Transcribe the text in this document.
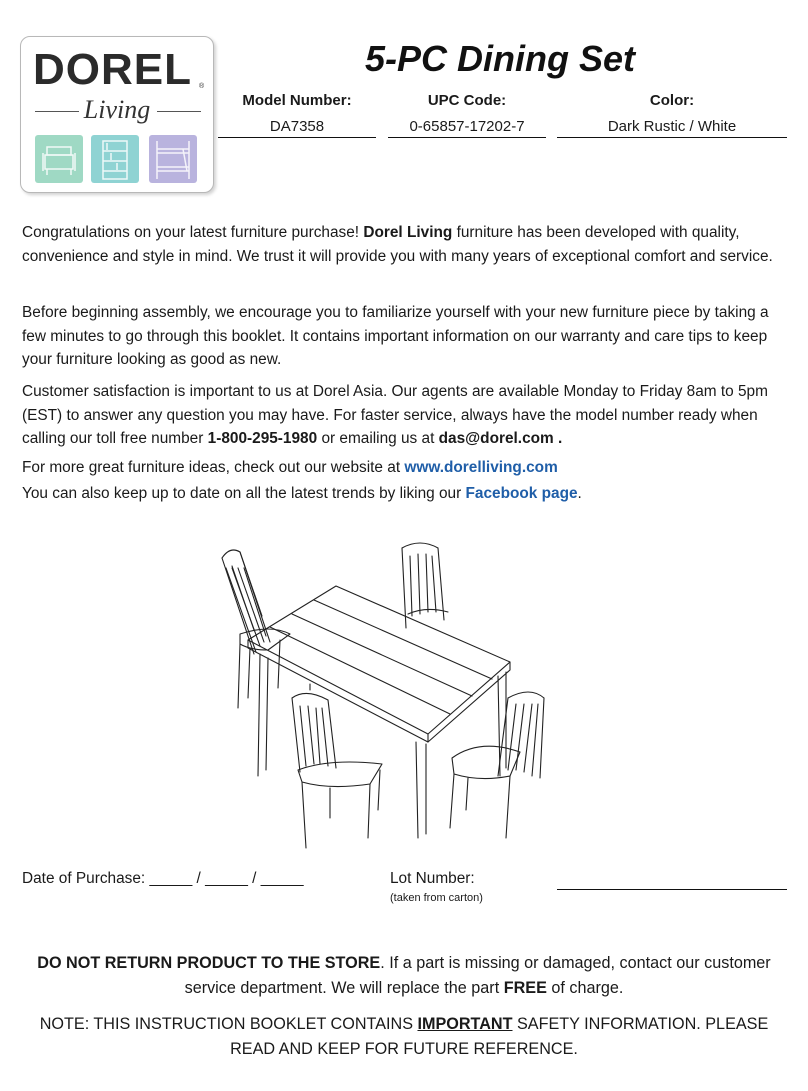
DOREL ®
Living
5-PC Dining Set
Model Number:
DA7358
UPC Code:
0-65857-17202-7
Color:
Dark Rustic / White
Congratulations on your latest furniture purchase! Dorel Living furniture has been developed with quality, convenience and style in mind. We trust it will provide you with many years of exceptional comfort and service.
Before beginning assembly, we encourage you to familiarize yourself with your new furniture piece by taking a few minutes to go through this booklet. It contains important information on our warranty and care tips to keep your furniture looking as good as new.
Customer satisfaction is important to us at Dorel Asia. Our agents are available Monday to Friday 8am to 5pm (EST) to answer any question you may have. For faster service, always have the model number ready when calling our toll free number 1-800-295-1980 or emailing us at das@dorel.com .
For more great furniture ideas, check out our website at www.dorelliving.com
You can also keep up to date on all the latest trends by liking our Facebook page.
Date of Purchase: _____ / _____ / _____	Lot Number:
(taken from carton)
DO NOT RETURN PRODUCT TO THE STORE. If a part is missing or damaged, contact our customer service department. We will replace the part FREE of charge.
NOTE: THIS INSTRUCTION BOOKLET CONTAINS IMPORTANT SAFETY INFORMATION. PLEASE READ AND KEEP FOR FUTURE REFERENCE.
